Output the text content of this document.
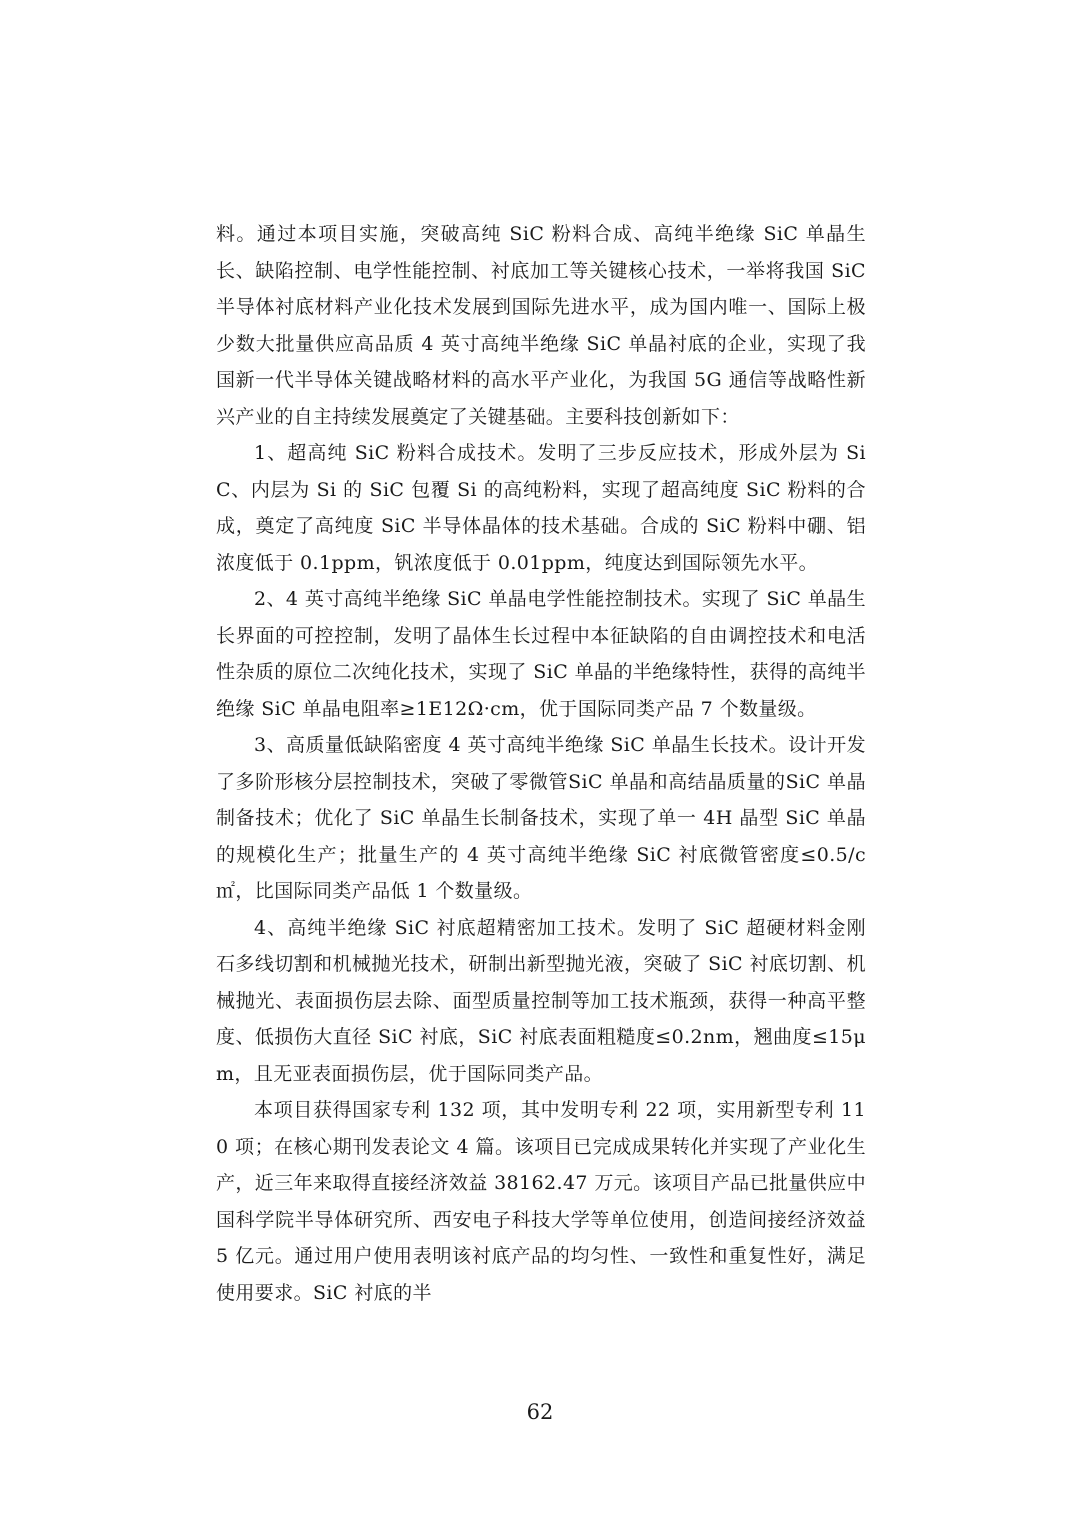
料。通过本项目实施，突破高纯 SiC 粉料合成、高纯半绝缘 SiC 单晶生长、缺陷控制、电学性能控制、衬底加工等关键核心技术，一举将我国 SiC 半导体衬底材料产业化技术发展到国际先进水平，成为国内唯一、国际上极少数大批量供应高品质 4 英寸高纯半绝缘 SiC 单晶衬底的企业，实现了我国新一代半导体关键战略材料的高水平产业化，为我国 5G 通信等战略性新兴产业的自主持续发展奠定了关键基础。主要科技创新如下：

1、超高纯 SiC 粉料合成技术。发明了三步反应技术，形成外层为 SiC、内层为 Si 的 SiC 包覆 Si 的高纯粉料，实现了超高纯度 SiC 粉料的合成，奠定了高纯度 SiC 半导体晶体的技术基础。合成的 SiC 粉料中硼、铝浓度低于 0.1ppm，钒浓度低于 0.01ppm，纯度达到国际领先水平。

2、4 英寸高纯半绝缘 SiC 单晶电学性能控制技术。实现了 SiC 单晶生长界面的可控控制，发明了晶体生长过程中本征缺陷的自由调控技术和电活性杂质的原位二次纯化技术，实现了 SiC 单晶的半绝缘特性，获得的高纯半绝缘 SiC 单晶电阻率≥1E12Ω·cm，优于国际同类产品 7 个数量级。

3、高质量低缺陷密度 4 英寸高纯半绝缘 SiC 单晶生长技术。设计开发了多阶形核分层控制技术，突破了零微管SiC 单晶和高结晶质量的SiC 单晶制备技术；优化了 SiC 单晶生长制备技术，实现了单一 4H 晶型 SiC 单晶的规模化生产；批量生产的 4 英寸高纯半绝缘 SiC 衬底微管密度≤0.5/c㎡，比国际同类产品低 1 个数量级。

4、高纯半绝缘 SiC 衬底超精密加工技术。发明了 SiC 超硬材料金刚石多线切割和机械抛光技术，研制出新型抛光液，突破了 SiC 衬底切割、机械抛光、表面损伤层去除、面型质量控制等加工技术瓶颈，获得一种高平整度、低损伤大直径 SiC 衬底，SiC 衬底表面粗糙度≤0.2nm，翘曲度≤15μm，且无亚表面损伤层，优于国际同类产品。

本项目获得国家专利 132 项，其中发明专利 22 项，实用新型专利 110 项；在核心期刊发表论文 4 篇。该项目已完成成果转化并实现了产业化生产，近三年来取得直接经济效益 38162.47 万元。该项目产品已批量供应中国科学院半导体研究所、西安电子科技大学等单位使用，创造间接经济效益 5 亿元。通过用户使用表明该衬底产品的均匀性、一致性和重复性好，满足使用要求。SiC 衬底的半

62
